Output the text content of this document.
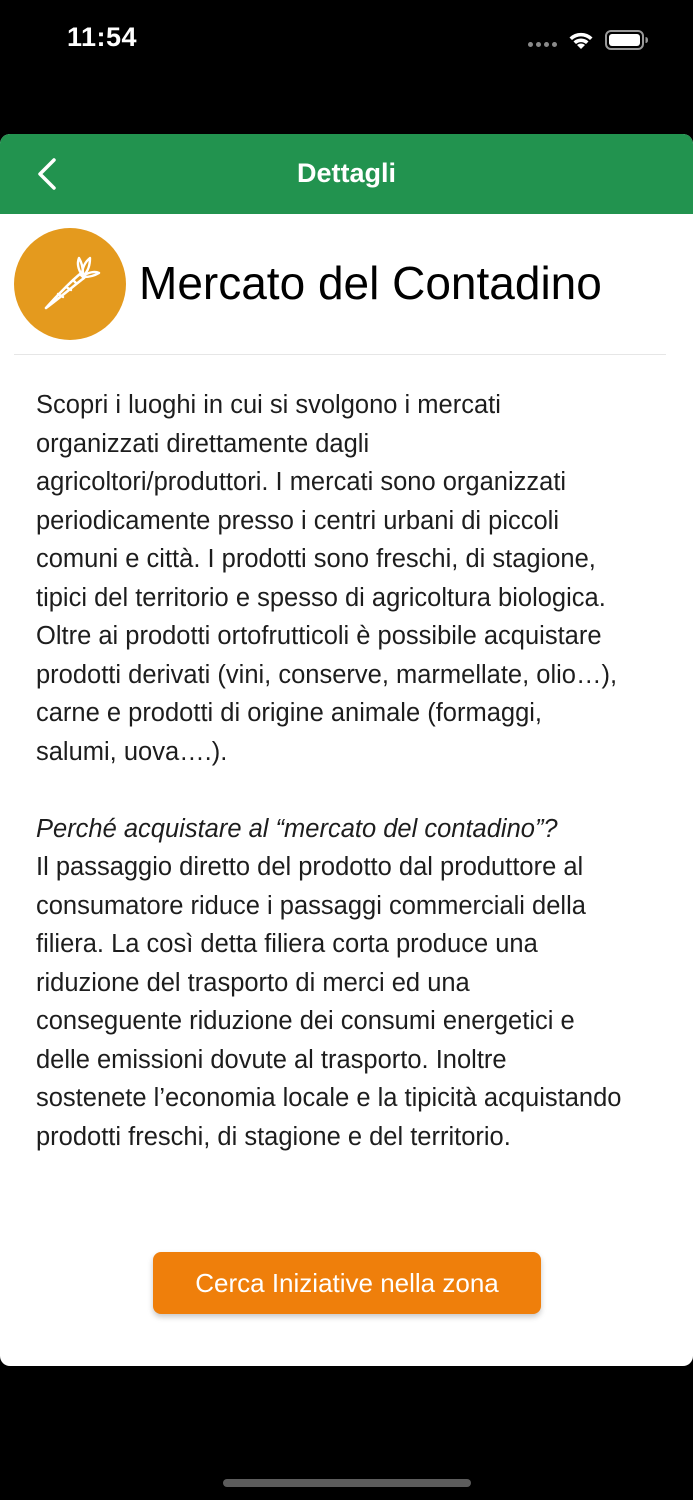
11:54
Dettagli
Mercato del Contadino

Scopri i luoghi in cui si svolgono i mercati

organizzati direttamente dagli

agricoltori/produttori. I mercati sono organizzati

periodicamente presso i centri urbani di piccoli

comuni e città. I prodotti sono freschi, di stagione,

tipici del territorio e spesso di agricoltura biologica.

Oltre ai prodotti ortofrutticoli è possibile acquistare

prodotti derivati (vini, conserve, marmellate, olio…),

carne e prodotti di origine animale (formaggi,

salumi, uova….).

Perché acquistare al “mercato del contadino”?

Il passaggio diretto del prodotto dal produttore al

consumatore riduce i passaggi commerciali della

filiera. La così detta filiera corta produce una

riduzione del trasporto di merci ed una

conseguente riduzione dei consumi energetici e

delle emissioni dovute al trasporto. Inoltre

sostenete l’economia locale e la tipicità acquistando

prodotti freschi, di stagione e del territorio.

Cerca Iniziative nella zona
